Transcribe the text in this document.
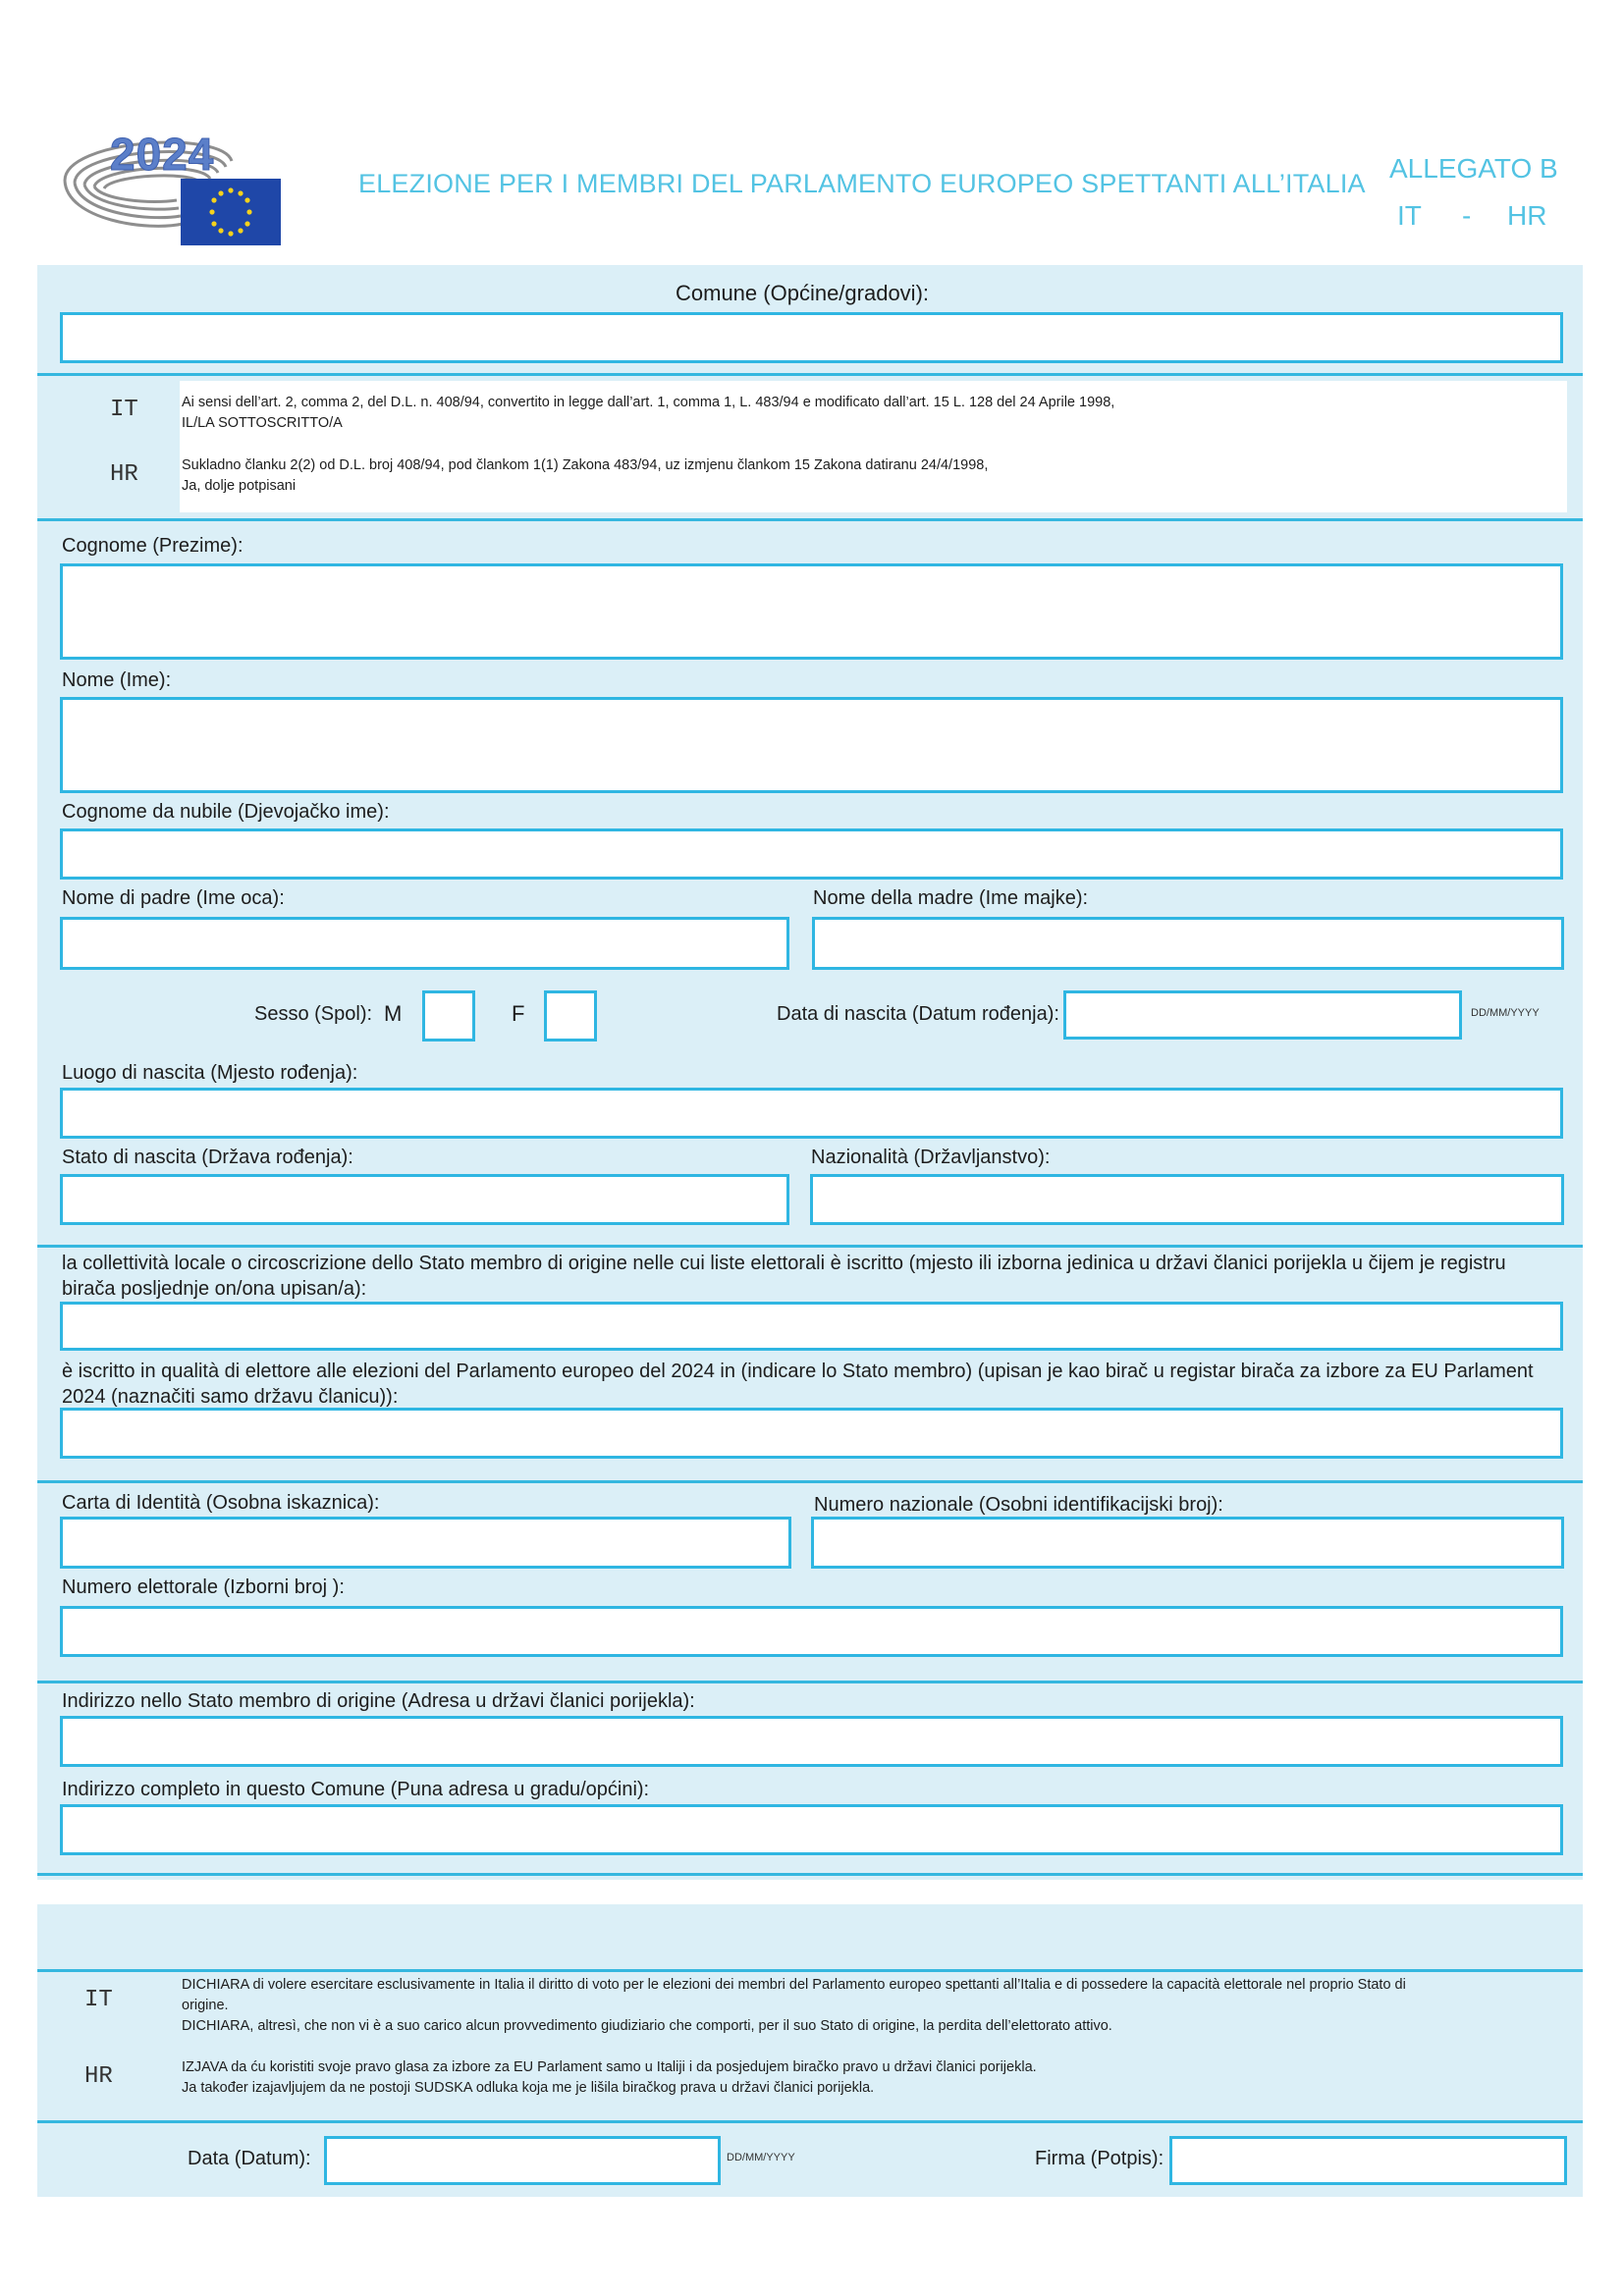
2024
ELEZIONE PER I MEMBRI DEL PARLAMENTO EUROPEO SPETTANTI ALL’ITALIA ALLEGATO B
IT - HR
Comune (Općine/gradovi):
IT	Ai sensi dell’art. 2, comma 2, del D.L. n. 408/94, convertito in legge dall’art. 1, comma 1, L. 483/94 e modificato dall’art. 15 L. 128 del 24 Aprile 1998,
IL/LA SOTTOSCRITTO/A
HR	Sukladno članku 2(2) od D.L. broj 408/94, pod člankom 1(1) Zakona 483/94, uz izmjenu člankom 15 Zakona datiranu 24/4/1998,
Ja, dolje potpisani
Cognome (Prezime):
Nome (Ime):
Cognome da nubile (Djevojačko ime):
Nome di padre (Ime oca):	Nome della madre (Ime majke):
Sesso (Spol): M	F	Data di nascita (Datum rođenja):	DD/MM/YYYY
Luogo di nascita (Mjesto rođenja):
Stato di nascita (Država rođenja):	Nazionalità (Državljanstvo):
la collettività locale o circoscrizione dello Stato membro di origine nelle cui liste elettorali è iscritto (mjesto ili izborna jedinica u državi članici porijekla u čijem je registru
birača posljednje on/ona upisan/a):
è iscritto in qualità di elettore alle elezioni del Parlamento europeo del 2024 in (indicare lo Stato membro) (upisan je kao birač u registar birača za izbore za EU Parlament
2024 (naznačiti samo državu članicu)):
Carta di Identità (Osobna iskaznica):	Numero nazionale (Osobni identifikacijski broj):
Numero elettorale (Izborni broj ):
Indirizzo nello Stato membro di origine (Adresa u državi članici porijekla):
Indirizzo completo in questo Comune (Puna adresa u gradu/općini):
IT
DICHIARA di volere esercitare esclusivamente in Italia il diritto di voto per le elezioni dei membri del Parlamento europeo spettanti all’Italia e di possedere la capacità elettorale nel proprio Stato di
origine.
DICHIARA, altresì, che non vi è a suo carico alcun provvedimento giudiziario che comporti, per il suo Stato di origine, la perdita dell’elettorato attivo.
HR	IZJAVA da ću koristiti svoje pravo glasa za izbore za EU Parlament samo u Italiji i da posjedujem biračko pravo u državi članici porijekla.
Ja također izajavljujem da ne postoji SUDSKA odluka koja me je lišila biračkog prava u državi članici porijekla.
Data (Datum):	DD/MM/YYYY	Firma (Potpis):
